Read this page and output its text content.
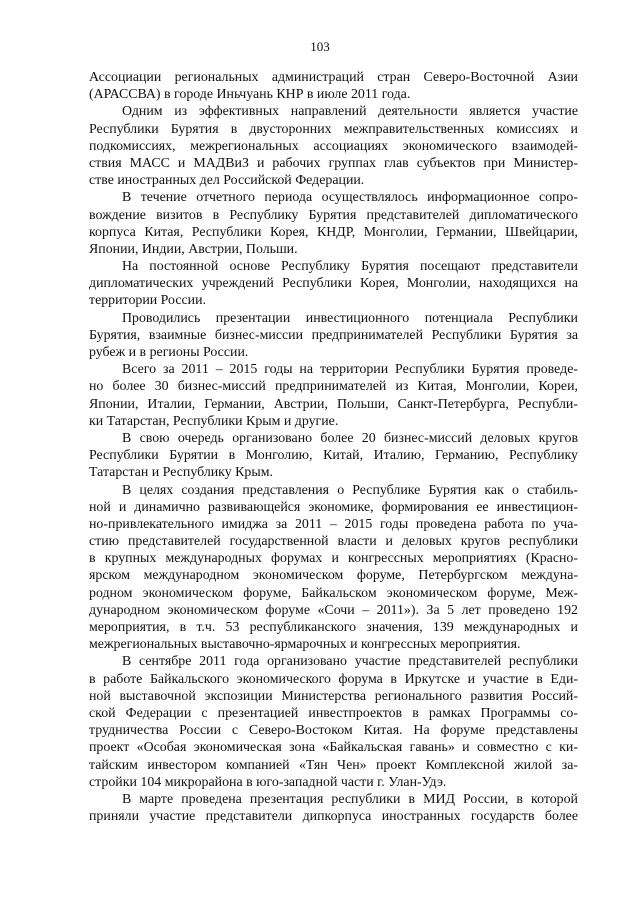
103
Ассоциации региональных администраций стран Северо-Восточной Азии
(АРАССВА) в городе Иньчуань КНР в июле 2011 года.
Одним из эффективных направлений деятельности является участие
Республики Бурятия в двусторонних межправительственных комиссиях и
подкомиссиях, межрегиональных ассоциациях экономического взаимодей-
ствия МАСС и МАДВиЗ и рабочих группах глав субъектов при Министер-
стве иностранных дел Российской Федерации.
В течение отчетного периода осуществлялось информационное сопро-
вождение визитов в Республику Бурятия представителей дипломатического
корпуса Китая, Республики Корея, КНДР, Монголии, Германии, Швейцарии,
Японии, Индии, Австрии, Польши.
На постоянной основе Республику Бурятия посещают представители
дипломатических учреждений Республики Корея, Монголии, находящихся на
территории России.
Проводились презентации инвестиционного потенциала Республики
Бурятия, взаимные бизнес-миссии предпринимателей Республики Бурятия за
рубеж и в регионы России.
Всего за 2011 – 2015 годы на территории Республики Бурятия проведе-
но более 30 бизнес-миссий предпринимателей из Китая, Монголии, Кореи,
Японии, Италии, Германии, Австрии, Польши, Санкт-Петербурга, Республи-
ки Татарстан, Республики Крым и другие.
В свою очередь организовано более 20 бизнес-миссий деловых кругов
Республики Бурятии в Монголию, Китай, Италию, Германию, Республику
Татарстан и Республику Крым.
В целях создания представления о Республике Бурятия как о стабиль-
ной и динамично развивающейся экономике, формирования ее инвестицион-
но-привлекательного имиджа за 2011 – 2015 годы проведена работа по уча-
стию представителей государственной власти и деловых кругов республики
в крупных международных форумах и конгрессных мероприятиях (Красно-
ярском международном экономическом форуме, Петербургском междуна-
родном экономическом форуме, Байкальском экономическом форуме, Меж-
дународном экономическом форуме «Сочи – 2011»). За 5 лет проведено 192
мероприятия, в т.ч. 53 республиканского значения, 139 международных и
межрегиональных выставочно-ярмарочных и конгрессных мероприятия.
В сентябре 2011 года организовано участие представителей республики
в работе Байкальского экономического форума в Иркутске и участие в Еди-
ной выставочной экспозиции Министерства регионального развития Россий-
ской Федерации с презентацией инвестпроектов в рамках Программы со-
трудничества России с Северо-Востоком Китая. На форуме представлены
проект «Особая экономическая зона «Байкальская гавань» и совместно с ки-
тайским инвестором компанией «Тян Чен» проект Комплексной жилой за-
стройки 104 микрорайона в юго-западной части г. Улан-Удэ.
В марте проведена презентация республики в МИД России, в которой
приняли участие представители дипкорпуса иностранных государств более
